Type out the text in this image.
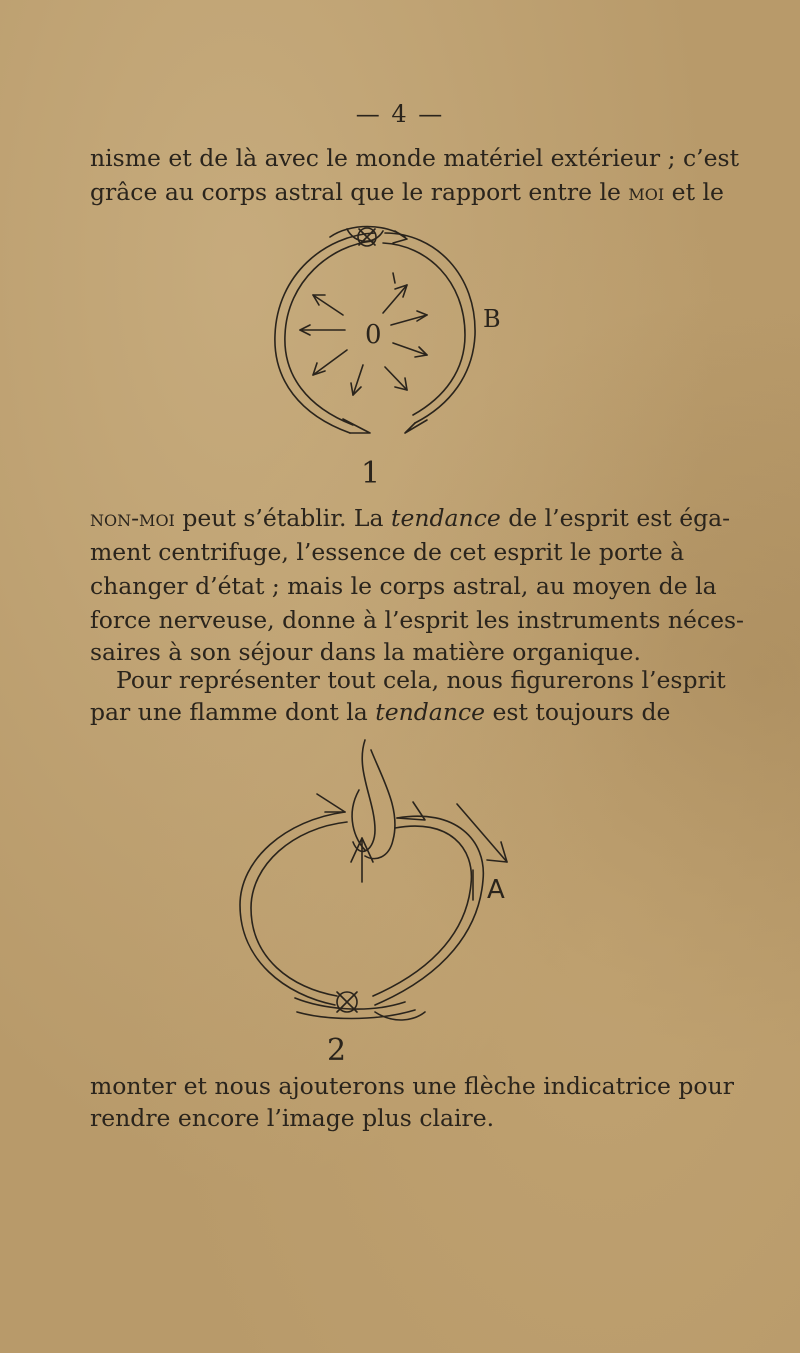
— 4 —
nisme et de là avec le monde matériel extérieur ; c’est
grâce au corps astral que le rapport entre le moi et le
0
B
1
non-moi peut s’établir. La tendance de l’esprit est éga-
ment centrifuge, l’essence de cet esprit le porte à
changer d’état ; mais le corps astral, au moyen de la
force nerveuse, donne à l’esprit les instruments néces-
saires à son séjour dans la matière organique.
Pour représenter tout cela, nous figurerons l’esprit
par une flamme dont la tendance est toujours de
A
2
monter et nous ajouterons une flèche indicatrice pour
rendre encore l’image plus claire.
